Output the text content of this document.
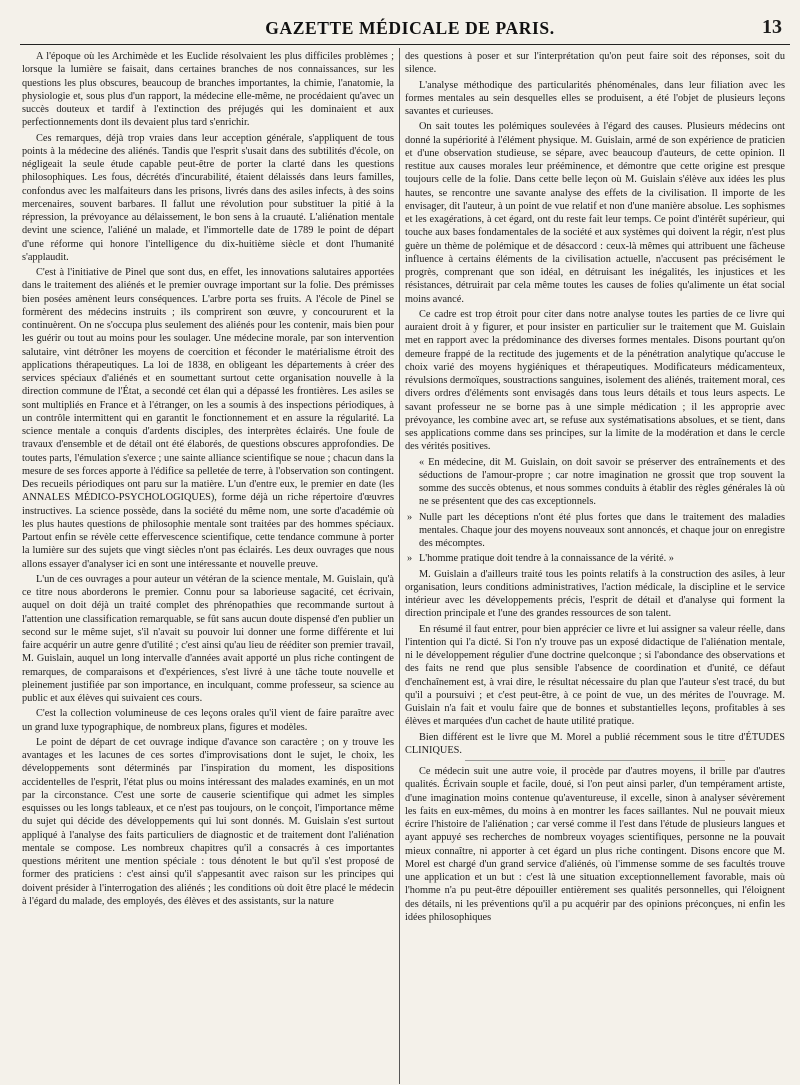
GAZETTE MÉDICALE DE PARIS.	13

A l'époque où les Archimède et les Euclide résolvaient les plus difficiles problèmes ; lorsque la lumière se faisait, dans certaines branches de nos connaissances, sur les questions les plus obscures, beaucoup de branches importantes, la chimie, l'anatomie, la physiologie et, sous plus d'un rapport, la médecine elle-même, ne procédaient qu'avec un succès douteux et tardif à l'extinction des préjugés qui les dominaient et aux perfectionnements dont ils devaient plus tard s'enrichir.

Ces remarques, déjà trop vraies dans leur acception générale, s'appliquent de tous points à la médecine des aliénés. Tandis que l'esprit s'usait dans des subtilités d'école, on négligeait la seule étude capable peut-être de porter la clarté dans les questions philosophiques. Les fous, décrétés d'incurabilité, étaient délaissés dans leurs familles, confondus avec les malfaiteurs dans les prisons, livrés dans des asiles infects, à des soins mercenaires, souvent barbares. Il fallut une révolution pour substituer la pitié à la répression, la prévoyance au délaissement, le bon sens à la cruauté. L'aliénation mentale devint une science, l'aliéné un malade, et l'immortelle date de 1789 le point de départ d'une réforme qui honore l'intelligence du dix-huitième siècle et dont l'humanité s'applaudit.

C'est à l'initiative de Pinel que sont dus, en effet, les innovations salutaires apportées dans le traitement des aliénés et le premier ouvrage important sur la folie. Des prémisses bien posées amènent leurs conséquences. L'arbre porta ses fruits. A l'école de Pinel se formèrent des médecins instruits ; ils comprirent son œuvre, y concoururent et la continuèrent. On ne s'occupa plus seulement des aliénés pour les contenir, mais bien pour les guérir ou tout au moins pour les soulager. Une médecine morale, par son intervention salutaire, vint détrôner les moyens de coercition et féconder le matérialisme étroit des applications thérapeutiques. La loi de 1838, en obligeant les départements à créer des services spéciaux d'aliénés et en soumettant surtout cette organisation nouvelle à la direction commune de l'État, a secondé cet élan qui a dépassé les frontières. Les asiles se sont multipliés en France et à l'étranger, on les a soumis à des inspections périodiques, à un contrôle intermittent qui en garantit le fonctionnement et en assure la régularité. La science mentale a conquis d'ardents disciples, des interprètes éclairés. Une foule de travaux d'ensemble et de détail ont été élaborés, de questions obscures approfondies. De toutes parts, l'émulation s'exerce ; une sainte alliance scientifique se noue ; chacun dans la mesure de ses forces apporte à l'édifice sa pelletée de terre, à l'observation son contingent. Des recueils périodiques ont paru sur la matière. L'un d'entre eux, le premier en date (les ANNALES MÉDICO-PSYCHOLOGIQUES), forme déjà un riche répertoire d'œuvres instructives. La science possède, dans la société du même nom, une sorte d'académie où les plus hautes questions de philosophie mentale sont traitées par des hommes spéciaux. Partout enfin se révèle cette effervescence scientifique, cette tendance commune à porter la lumière sur des sujets que vingt siècles n'ont pas éclairés. Les deux ouvrages que nous allons essayer d'analyser ici en sont une intéressante et nouvelle preuve.

L'un de ces ouvrages a pour auteur un vétéran de la science mentale, M. Guislain, qu'à ce titre nous aborderons le premier. Connu pour sa laborieuse sagacité, cet écrivain, auquel on doit déjà un traité complet des phrénopathies que recommande surtout à l'attention une classification remarquable, se fût sans aucun doute dispensé d'en publier un second sur le même sujet, s'il n'avait su pouvoir lui donner une forme différente et lui faire acquérir un autre genre d'utilité ; c'est ainsi qu'au lieu de rééditer son premier travail, M. Guislain, auquel un long intervalle d'années avait apporté un plus riche contingent de remarques, de comparaisons et d'expériences, s'est livré à une tâche toute nouvelle et pleinement justifiée par son importance, en inculquant, comme professeur, sa science au public et aux élèves qui suivaient ces cours.

C'est la collection volumineuse de ces leçons orales qu'il vient de faire paraître avec un grand luxe typographique, de nombreux plans, figures et modèles.

Le point de départ de cet ouvrage indique d'avance son caractère ; on y trouve les avantages et les lacunes de ces sortes d'improvisations dont le sujet, le choix, les développements sont déterminés par l'inspiration du moment, les dispositions accidentelles de l'esprit, l'état plus ou moins intéressant des malades examinés, en un mot par la circonstance. C'est une sorte de causerie scientifique qui admet les simples esquisses ou les longs tableaux, et ce n'est pas toujours, on le conçoit, l'importance même du sujet qui décide des développements qui lui sont donnés. M. Guislain s'est surtout appliqué à l'analyse des faits particuliers de diagnostic et de traitement dont l'aliénation mentale se compose. Les nombreux chapitres qu'il a consacrés à ces importantes questions méritent une mention spéciale : tous dénotent le but qu'il s'est proposé de former des praticiens : c'est ainsi qu'il s'appesantit avec raison sur les principes qui doivent présider à l'interrogation des aliénés ; les conditions où doit être placé le médecin à l'égard du malade, des employés, des élèves et des assistants, sur la nature

des questions à poser et sur l'interprétation qu'on peut faire soit des réponses, soit du silence.

L'analyse méthodique des particularités phénoménales, dans leur filiation avec les formes mentales au sein desquelles elles se produisent, a été l'objet de plusieurs leçons savantes et curieuses.

On sait toutes les polémiques soulevées à l'égard des causes. Plusieurs médecins ont donné la supériorité à l'élément physique. M. Guislain, armé de son expérience de praticien et d'une observation studieuse, se sépare, avec beaucoup d'auteurs, de cette opinion. Il restitue aux causes morales leur prééminence, et démontre que cette origine est presque toujours celle de la folie. Dans cette belle leçon où M. Guislain s'élève aux idées les plus hautes, se rencontre une savante analyse des effets de la civilisation. Il importe de les envisager, dit l'auteur, à un point de vue relatif et non d'une manière absolue. Les sophismes et les exagérations, à cet égard, ont du reste fait leur temps. Ce point d'intérêt supérieur, qui touche aux bases fondamentales de la société et aux systèmes qui doivent la régir, n'est plus guère un thème de polémique et de désaccord : ceux-là mêmes qui attribuent une fâcheuse influence à certains éléments de la civilisation actuelle, n'accusent pas précisément le progrès, comprenant que son idéal, en détruisant les inégalités, les injustices et les résistances, détruirait par cela même toutes les causes de folies qu'alimente un état social moins avancé.

Ce cadre est trop étroit pour citer dans notre analyse toutes les parties de ce livre qui auraient droit à y figurer, et pour insister en particulier sur le traitement que M. Guislain met en rapport avec la prédominance des diverses formes mentales. Disons pourtant qu'on demeure frappé de la rectitude des jugements et de la pénétration analytique qu'accuse le choix varié des moyens hygiéniques et thérapeutiques. Modificateurs médicamenteux, révulsions dermoïques, soustractions sanguines, isolement des aliénés, traitement moral, ces divers ordres d'éléments sont envisagés dans tous leurs détails et tous leurs aspects. Le savant professeur ne se borne pas à une simple médication ; il les approprie avec prévoyance, les combine avec art, se refuse aux systématisations absolues, et se tient, dans ses applications comme dans ses principes, sur la limite de la modération et dans le cercle des vérités positives.

« En médecine, dit M. Guislain, on doit savoir se préserver des entraînements et des séductions de l'amour-propre ; car notre imagination ne grossit que trop souvent la somme des succès obtenus, et nous sommes conduits à établir des règles générales là où ne se présentent que des cas exceptionnels.

» Nulle part les déceptions n'ont été plus fortes que dans le traitement des maladies mentales. Chaque jour des moyens nouveaux sont annoncés, et chaque jour on enregistre des mécomptes.

» L'homme pratique doit tendre à la connaissance de la vérité. »

M. Guislain a d'ailleurs traité tous les points relatifs à la construction des asiles, à leur organisation, leurs conditions administratives, l'action médicale, la discipline et le service intérieur avec les développements précis, l'esprit de détail et d'analyse qui forment la direction principale et l'une des grandes ressources de son talent.

En résumé il faut entrer, pour bien apprécier ce livre et lui assigner sa valeur réelle, dans l'intention qui l'a dicté. Si l'on n'y trouve pas un exposé didactique de l'aliénation mentale, ni le développement régulier d'une doctrine quelconque ; si l'abondance des observations et des faits ne rend que plus sensible l'absence de coordination et d'unité, ce défaut d'enchaînement est, à vrai dire, le résultat nécessaire du plan que l'auteur s'est tracé, du but qu'il a poursuivi ; et c'est peut-être, à ce point de vue, un des mérites de l'ouvrage. M. Guislain n'a fait et voulu faire que de bonnes et substantielles leçons, profitables à ses élèves et marquées d'un cachet de haute utilité pratique.

Bien différent est le livre que M. Morel a publié récemment sous le titre d'ÉTUDES CLINIQUES.

Ce médecin suit une autre voie, il procède par d'autres moyens, il brille par d'autres qualités. Écrivain souple et facile, doué, si l'on peut ainsi parler, d'un tempérament artiste, d'une imagination moins contenue qu'aventureuse, il excelle, sinon à analyser sévèrement les faits en eux-mêmes, du moins à en montrer les faces saillantes. Nul ne pouvait mieux écrire l'histoire de l'aliénation ; car versé comme il l'est dans l'étude de plusieurs langues et ayant appuyé ses recherches de nombreux voyages scientifiques, personne ne la pouvait mieux connaître, ni apporter à cet égard un plus riche contingent. Disons encore que M. Morel est chargé d'un grand service d'aliénés, où l'immense somme de ses facultés trouve une application et un but : c'est là une situation exceptionnellement favorable, mais où l'homme n'a pu peut-être dépouiller entièrement ses qualités personnelles, qui l'éloignent des détails, ni les préventions qu'il a pu acquérir par des opinions préconçues, ni enfin les idées philosophiques
